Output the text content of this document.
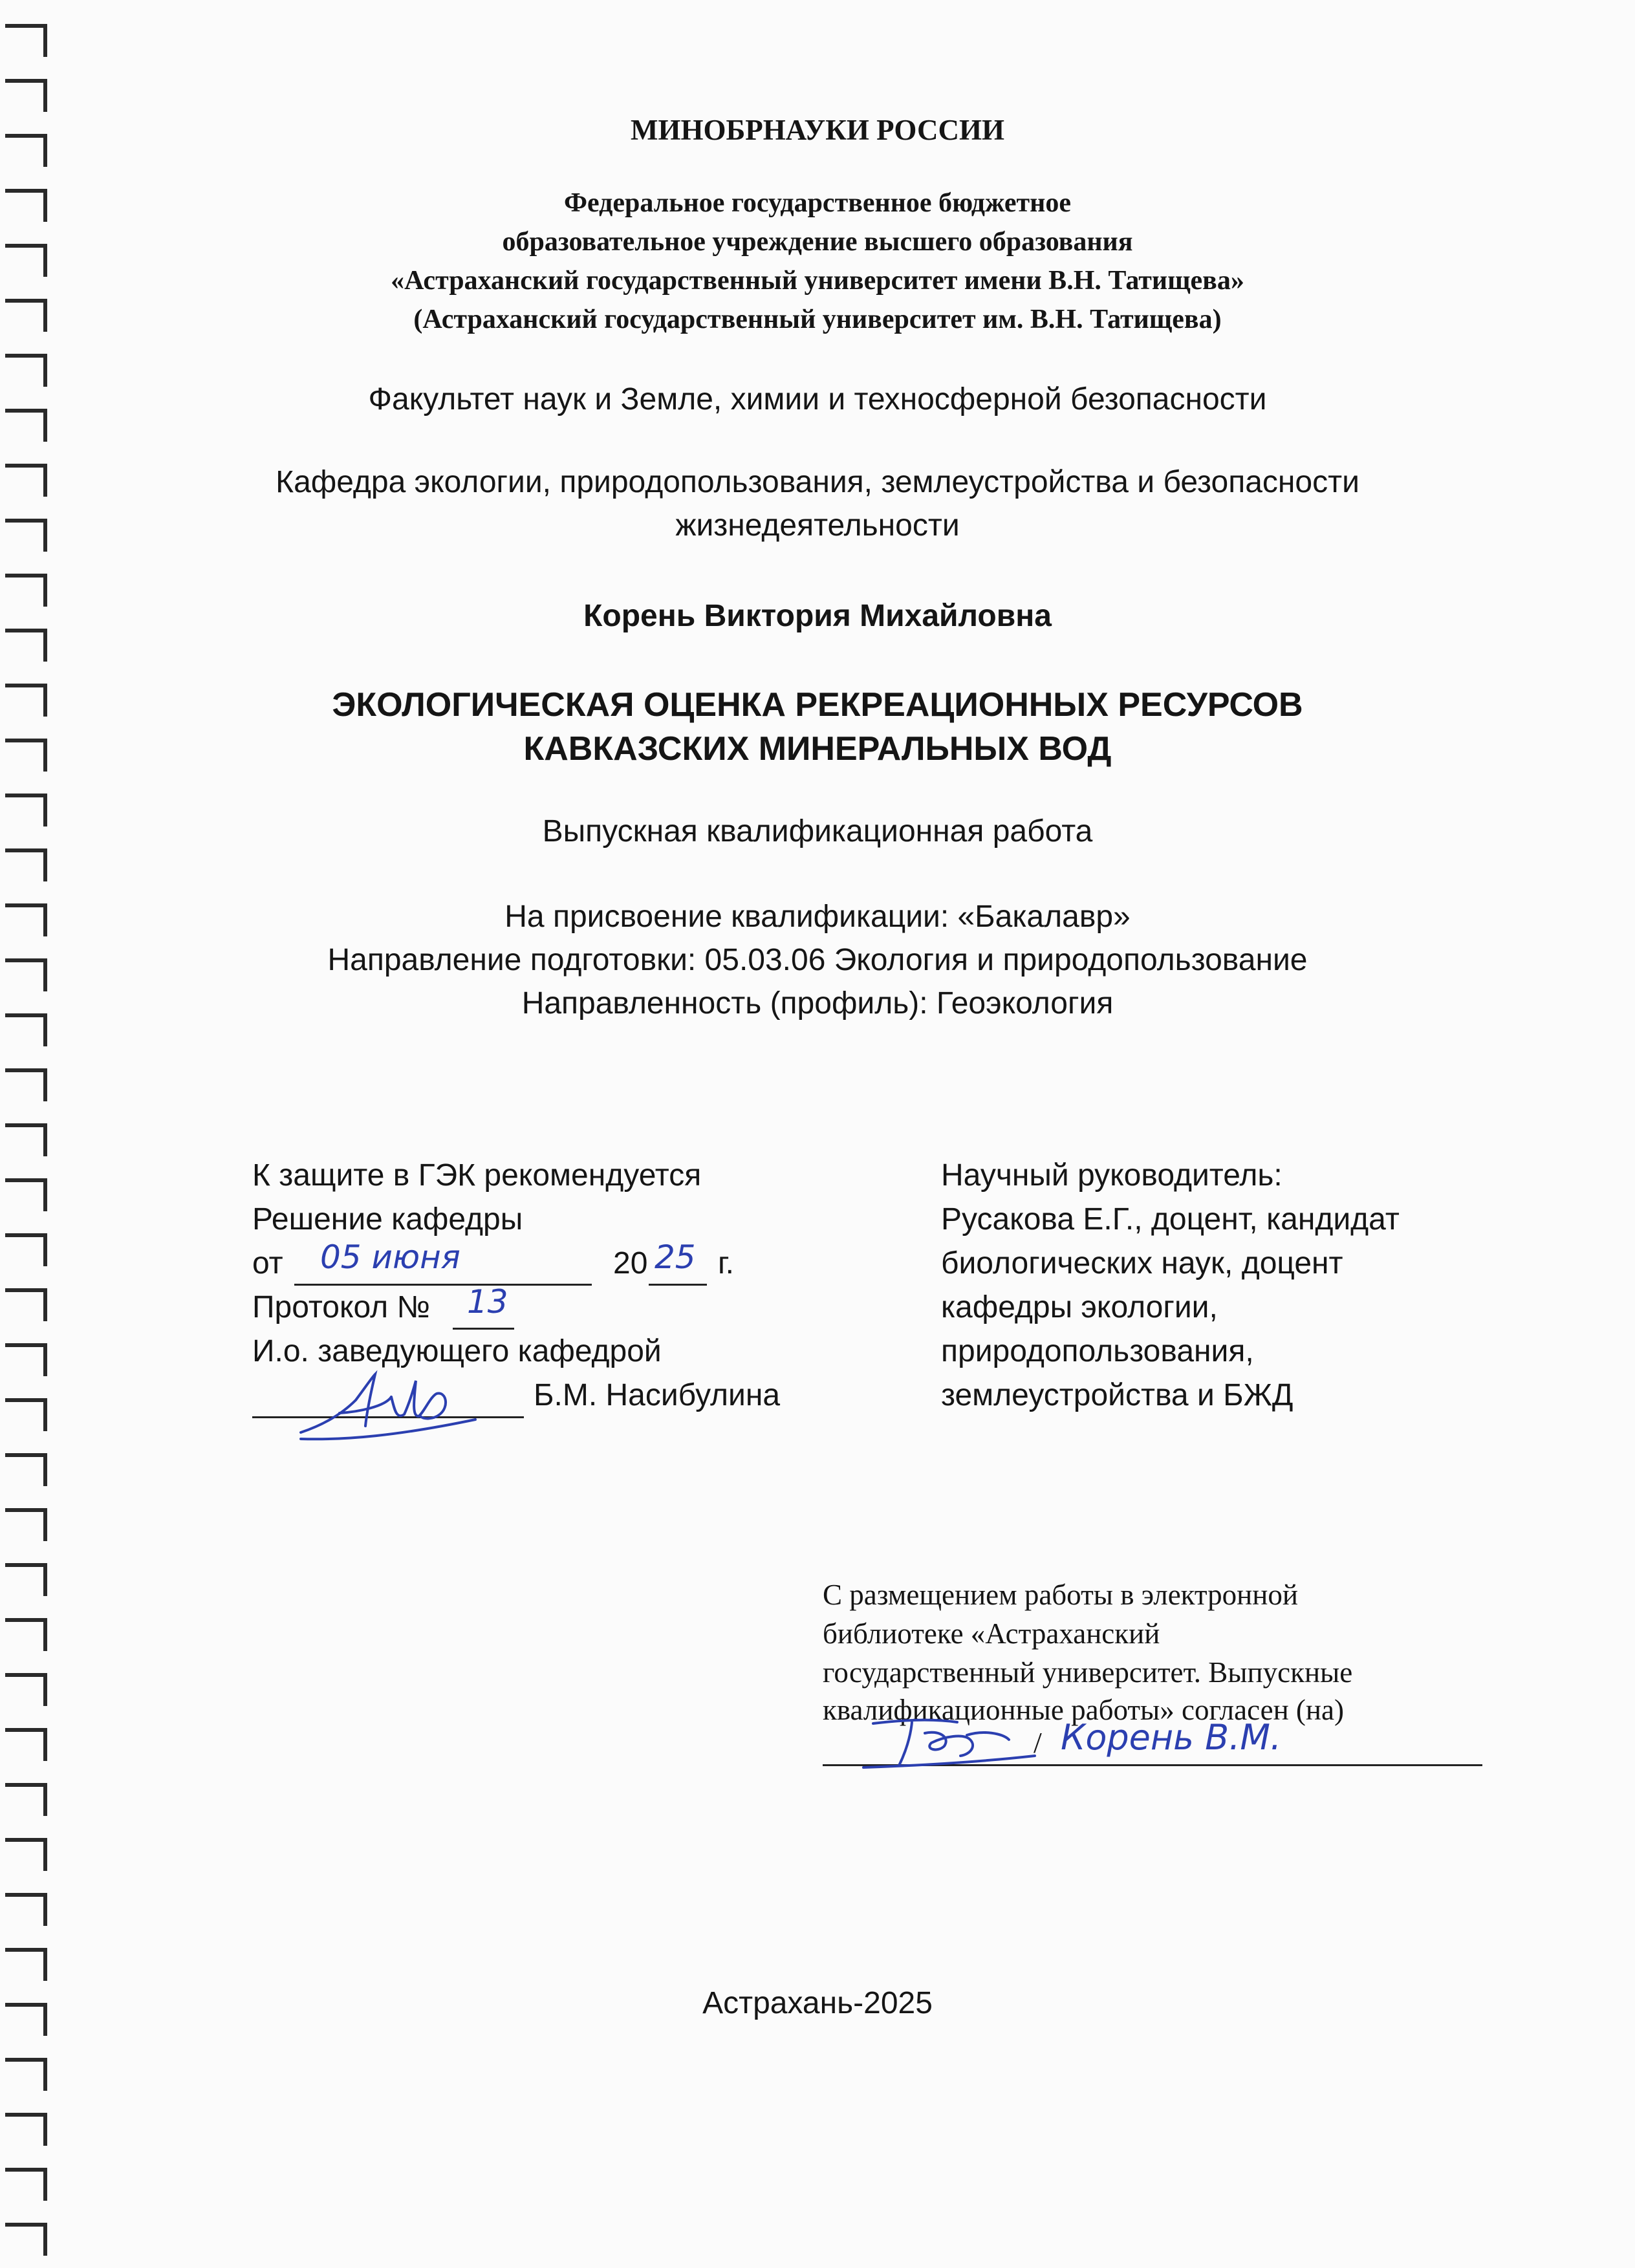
МИНОБРНАУКИ РОССИИ

Федеральное государственное бюджетное

образовательное учреждение высшего образования

«Астраханский государственный университет имени В.Н. Татищева»

(Астраханский государственный университет им. В.Н. Татищева)

Факультет наук и Земле, химии и техносферной безопасности

Кафедра экологии, природопользования, землеустройства и безопасности

жизнедеятельности

Корень Виктория Михайловна

ЭКОЛОГИЧЕСКАЯ ОЦЕНКА РЕКРЕАЦИОННЫХ РЕСУРСОВ

КАВКАЗСКИХ МИНЕРАЛЬНЫХ ВОД

Выпускная квалификационная работа

На присвоение квалификации: «Бакалавр»

Направление подготовки: 05.03.06 Экология и природопользование

Направленность (профиль): Геоэкология

К защите в ГЭК рекомендуется

Решение кафедры

от 05 июня	20 25 г.

Протокол № 13

И.о. заведующего кафедрой

Б.М. Насибулина

Научный руководитель:

Русакова Е.Г., доцент, кандидат

биологических наук, доцент

кафедры экологии,

природопользования,

землеустройства и БЖД

С размещением работы в электронной

библиотеке «Астраханский

государственный университет. Выпускные

квалификационные работы» согласен (на)

/ Корень В.М.

Астрахань-2025
